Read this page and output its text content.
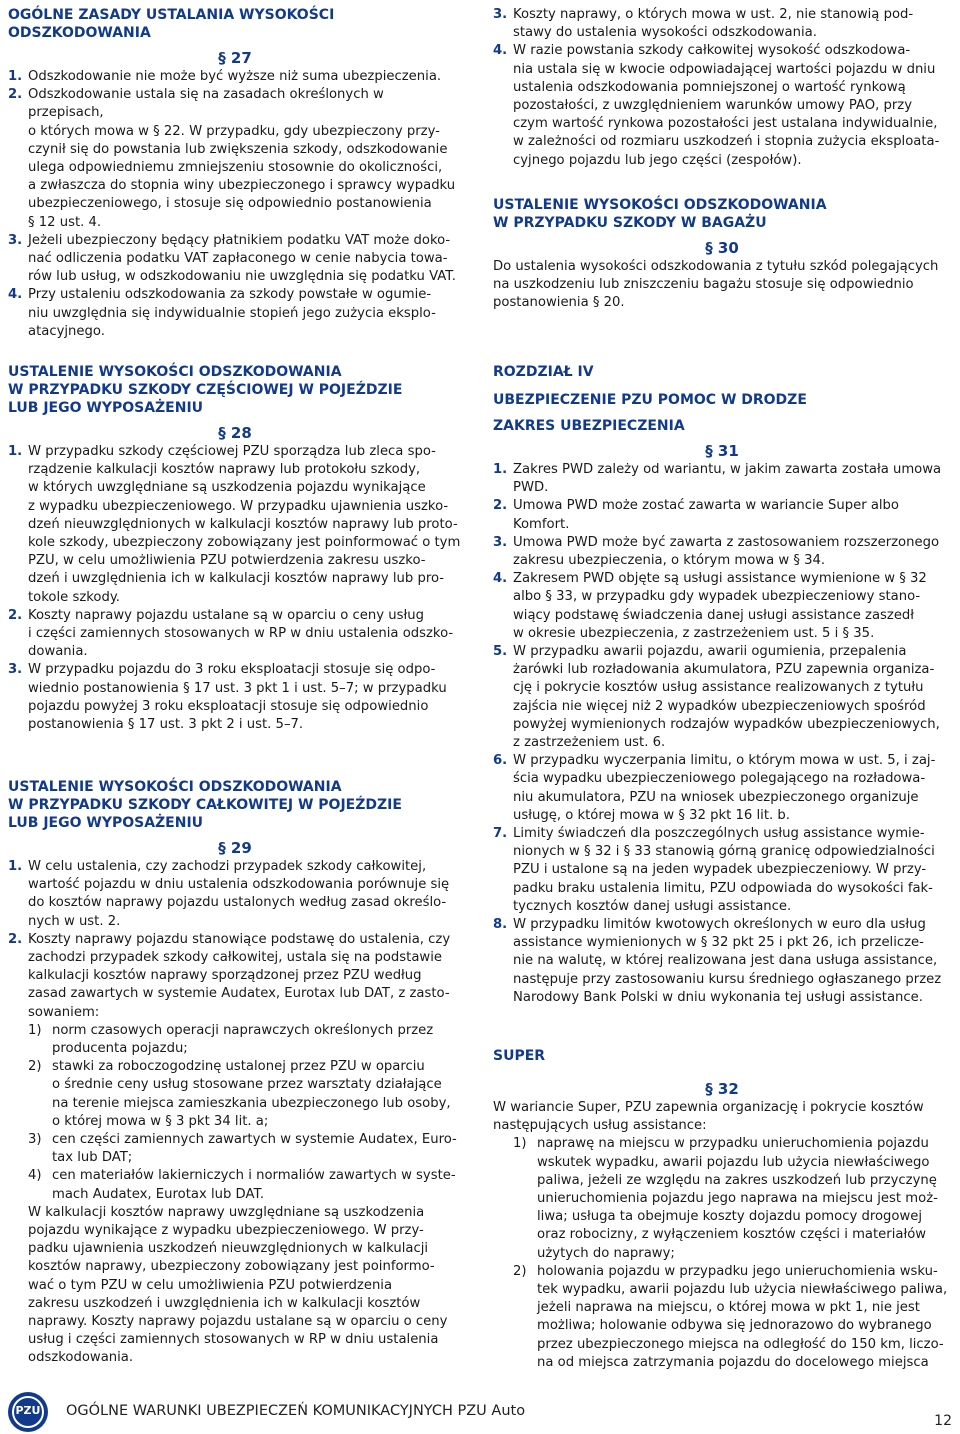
OGÓLNE ZASADY USTALANIA WYSOKOŚCI
ODSZKODOWANIA
§ 27
1. Odszkodowanie nie może być wyższe niż suma ubezpieczenia.
2. Odszkodowanie ustala się na zasadach określonych w przepisach,
o których mowa w § 22. W przypadku, gdy ubezpieczony przy-
czynił się do powstania lub zwiększenia szkody, odszkodowanie
ulega odpowiedniemu zmniejszeniu stosownie do okoliczności,
a zwłaszcza do stopnia winy ubezpieczonego i sprawcy wypadku
ubezpieczeniowego, i stosuje się odpowiednio postanowienia
§ 12 ust. 4.
3. Jeżeli ubezpieczony będący płatnikiem podatku VAT może doko-
nać odliczenia podatku VAT zapłaconego w cenie nabycia towa-
rów lub usług, w odszkodowaniu nie uwzględnia się podatku VAT.
4. Przy ustaleniu odszkodowania za szkody powstałe w ogumie-
niu uwzględnia się indywidualnie stopień jego zużycia eksplo-
atacyjnego.
USTALENIE WYSOKOŚCI ODSZKODOWANIA
W PRZYPADKU SZKODY CZĘŚCIOWEJ W POJEŹDZIE
LUB JEGO WYPOSAŻENIU
§ 28
1. W przypadku szkody częściowej PZU sporządza lub zleca spo-
rządzenie kalkulacji kosztów naprawy lub protokołu szkody,
w których uwzględniane są uszkodzenia pojazdu wynikające
z wypadku ubezpieczeniowego. W przypadku ujawnienia uszko-
dzeń nieuwzględnionych w kalkulacji kosztów naprawy lub proto-
kole szkody, ubezpieczony zobowiązany jest poinformować o tym
PZU, w celu umożliwienia PZU potwierdzenia zakresu uszko-
dzeń i uwzględnienia ich w kalkulacji kosztów naprawy lub pro-
tokole szkody.
2. Koszty naprawy pojazdu ustalane są w oparciu o ceny usług
i części zamiennych stosowanych w RP w dniu ustalenia odszko-
dowania.
3. W przypadku pojazdu do 3 roku eksploatacji stosuje się odpo-
wiednio postanowienia § 17 ust. 3 pkt 1 i ust. 5–7; w przypadku
pojazdu powyżej 3 roku eksploatacji stosuje się odpowiednio
postanowienia § 17 ust. 3 pkt 2 i ust. 5–7.
USTALENIE WYSOKOŚCI ODSZKODOWANIA
W PRZYPADKU SZKODY CAŁKOWITEJ W POJEŹDZIE
LUB JEGO WYPOSAŻENIU
§ 29
1. W celu ustalenia, czy zachodzi przypadek szkody całkowitej,
wartość pojazdu w dniu ustalenia odszkodowania porównuje się
do kosztów naprawy pojazdu ustalonych według zasad określo-
nych w ust. 2.
2. Koszty naprawy pojazdu stanowiące podstawę do ustalenia, czy
zachodzi przypadek szkody całkowitej, ustala się na podstawie
kalkulacji kosztów naprawy sporządzonej przez PZU według
zasad zawartych w systemie Audatex, Eurotax lub DAT, z zasto-
sowaniem:
1) norm czasowych operacji naprawczych określonych przez
producenta pojazdu;
2) stawki za roboczogodzinę ustalonej przez PZU w oparciu
o średnie ceny usług stosowane przez warsztaty działające
na terenie miejsca zamieszkania ubezpieczonego lub osoby,
o której mowa w § 3 pkt 34 lit. a;
3) cen części zamiennych zawartych w systemie Audatex, Euro-
tax lub DAT;
4) cen materiałów lakierniczych i normaliów zawartych w syste-
mach Audatex, Eurotax lub DAT.
W kalkulacji kosztów naprawy uwzględniane są uszkodzenia
pojazdu wynikające z wypadku ubezpieczeniowego. W przy-
padku ujawnienia uszkodzeń nieuwzględnionych w kalkulacji
kosztów naprawy, ubezpieczony zobowiązany jest poinformo-
wać o tym PZU w celu umożliwienia PZU potwierdzenia
zakresu uszkodzeń i uwzględnienia ich w kalkulacji kosztów
naprawy. Koszty naprawy pojazdu ustalane są w oparciu o ceny
usług i części zamiennych stosowanych w RP w dniu ustalenia
odszkodowania.
3. Koszty naprawy, o których mowa w ust. 2, nie stanowią pod-
stawy do ustalenia wysokości odszkodowania.
4. W razie powstania szkody całkowitej wysokość odszkodowa-
nia ustala się w kwocie odpowiadającej wartości pojazdu w dniu
ustalenia odszkodowania pomniejszonej o wartość rynkową
pozostałości, z uwzględnieniem warunków umowy PAO, przy
czym wartość rynkowa pozostałości jest ustalana indywidualnie,
w zależności od rozmiaru uszkodzeń i stopnia zużycia eksploata-
cyjnego pojazdu lub jego części (zespołów).
USTALENIE WYSOKOŚCI ODSZKODOWANIA
W PRZYPADKU SZKODY W BAGAŻU
§ 30
Do ustalenia wysokości odszkodowania z tytułu szkód polegających
na uszkodzeniu lub zniszczeniu bagażu stosuje się odpowiednio
postanowienia § 20.
ROZDZIAŁ IV
UBEZPIECZENIE PZU POMOC W DRODZE
ZAKRES UBEZPIECZENIA
§ 31
1. Zakres PWD zależy od wariantu, w jakim zawarta została umowa
PWD.
2. Umowa PWD może zostać zawarta w wariancie Super albo
Komfort.
3. Umowa PWD może być zawarta z zastosowaniem rozszerzonego
zakresu ubezpieczenia, o którym mowa w § 34.
4. Zakresem PWD objęte są usługi assistance wymienione w § 32
albo § 33, w przypadku gdy wypadek ubezpieczeniowy stano-
wiący podstawę świadczenia danej usługi assistance zaszedł
w okresie ubezpieczenia, z zastrzeżeniem ust. 5 i § 35.
5. W przypadku awarii pojazdu, awarii ogumienia, przepalenia
żarówki lub rozładowania akumulatora, PZU zapewnia organiza-
cję i pokrycie kosztów usług assistance realizowanych z tytułu
zajścia nie więcej niż 2 wypadków ubezpieczeniowych spośród
powyżej wymienionych rodzajów wypadków ubezpieczeniowych,
z zastrzeżeniem ust. 6.
6. W przypadku wyczerpania limitu, o którym mowa w ust. 5, i zaj-
ścia wypadku ubezpieczeniowego polegającego na rozładowa-
niu akumulatora, PZU na wniosek ubezpieczonego organizuje
usługę, o której mowa w § 32 pkt 16 lit. b.
7. Limity świadczeń dla poszczególnych usług assistance wymie-
nionych w § 32 i § 33 stanowią górną granicę odpowiedzialności
PZU i ustalone są na jeden wypadek ubezpieczeniowy. W przy-
padku braku ustalenia limitu, PZU odpowiada do wysokości fak-
tycznych kosztów danej usługi assistance.
8. W przypadku limitów kwotowych określonych w euro dla usług
assistance wymienionych w § 32 pkt 25 i pkt 26, ich przelicze-
nie na walutę, w której realizowana jest dana usługa assistance,
następuje przy zastosowaniu kursu średniego ogłaszanego przez
Narodowy Bank Polski w dniu wykonania tej usługi assistance.
SUPER
§ 32
W wariancie Super, PZU zapewnia organizację i pokrycie kosztów
następujących usług assistance:
1) naprawę na miejscu w przypadku unieruchomienia pojazdu
wskutek wypadku, awarii pojazdu lub użycia niewłaściwego
paliwa, jeżeli ze względu na zakres uszkodzeń lub przyczynę
unieruchomienia pojazdu jego naprawa na miejscu jest moż-
liwa; usługa ta obejmuje koszty dojazdu pomocy drogowej
oraz robocizny, z wyłączeniem kosztów części i materiałów
użytych do naprawy;
2) holowania pojazdu w przypadku jego unieruchomienia wsku-
tek wypadku, awarii pojazdu lub użycia niewłaściwego paliwa,
jeżeli naprawa na miejscu, o której mowa w pkt 1, nie jest
możliwa; holowanie odbywa się jednorazowo do wybranego
przez ubezpieczonego miejsca na odległość do 150 km, liczo-
na od miejsca zatrzymania pojazdu do docelowego miejsca
PZU	OGÓLNE WARUNKI UBEZPIECZEŃ KOMUNIKACYJNYCH PZU Auto
12
